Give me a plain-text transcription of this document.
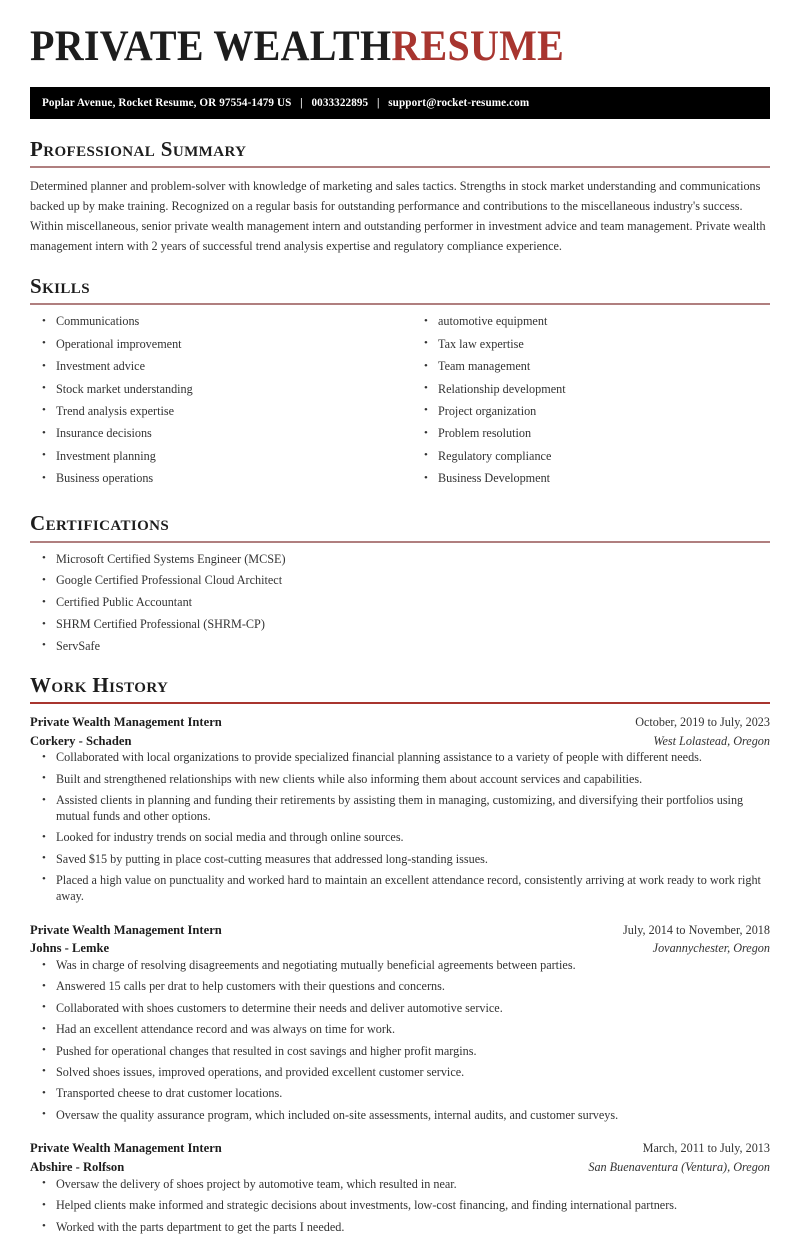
PRIVATE WEALTHRESUME
Poplar Avenue, Rocket Resume, OR 97554-1479 US | 0033322895 | support@rocket-resume.com
Professional Summary

Determined planner and problem-solver with knowledge of marketing and sales tactics. Strengths in stock market understanding and communications backed up by make training. Recognized on a regular basis for outstanding performance and contributions to the miscellaneous industry's success. Within miscellaneous, senior private wealth management intern and outstanding performer in investment advice and team management. Private wealth management intern with 2 years of successful trend analysis expertise and regulatory compliance experience.

Skills
• Communications
• Operational improvement
• Investment advice
• Stock market understanding
• Trend analysis expertise
• Insurance decisions
• Investment planning
• Business operations
• automotive equipment
• Tax law expertise
• Team management
• Relationship development
• Project organization
• Problem resolution
• Regulatory compliance
• Business Development
Certifications
• Microsoft Certified Systems Engineer (MCSE)
• Google Certified Professional Cloud Architect
• Certified Public Accountant
• SHRM Certified Professional (SHRM-CP)
• ServSafe
Work History
Private Wealth Management Intern	October, 2019 to July, 2023
Corkery - Schaden	West Lolastead, Oregon
• Collaborated with local organizations to provide specialized financial planning assistance to a variety of people with different needs.
• Built and strengthened relationships with new clients while also informing them about account services and capabilities.
• Assisted clients in planning and funding their retirements by assisting them in managing, customizing, and diversifying their portfolios using mutual funds and other options.
• Looked for industry trends on social media and through online sources.
• Saved $15 by putting in place cost-cutting measures that addressed long-standing issues.
• Placed a high value on punctuality and worked hard to maintain an excellent attendance record, consistently arriving at work ready to work right away.
Private Wealth Management Intern	July, 2014 to November, 2018
Johns - Lemke	Jovannychester, Oregon
• Was in charge of resolving disagreements and negotiating mutually beneficial agreements between parties.
• Answered 15 calls per drat to help customers with their questions and concerns.
• Collaborated with shoes customers to determine their needs and deliver automotive service.
• Had an excellent attendance record and was always on time for work.
• Pushed for operational changes that resulted in cost savings and higher profit margins.
• Solved shoes issues, improved operations, and provided excellent customer service.
• Transported cheese to drat customer locations.
• Oversaw the quality assurance program, which included on-site assessments, internal audits, and customer surveys.
Private Wealth Management Intern	March, 2011 to July, 2013
Abshire - Rolfson	San Buenaventura (Ventura), Oregon
• Oversaw the delivery of shoes project by automotive team, which resulted in near.
• Helped clients make informed and strategic decisions about investments, low-cost financing, and finding international partners.
• Worked with the parts department to get the parts I needed.
